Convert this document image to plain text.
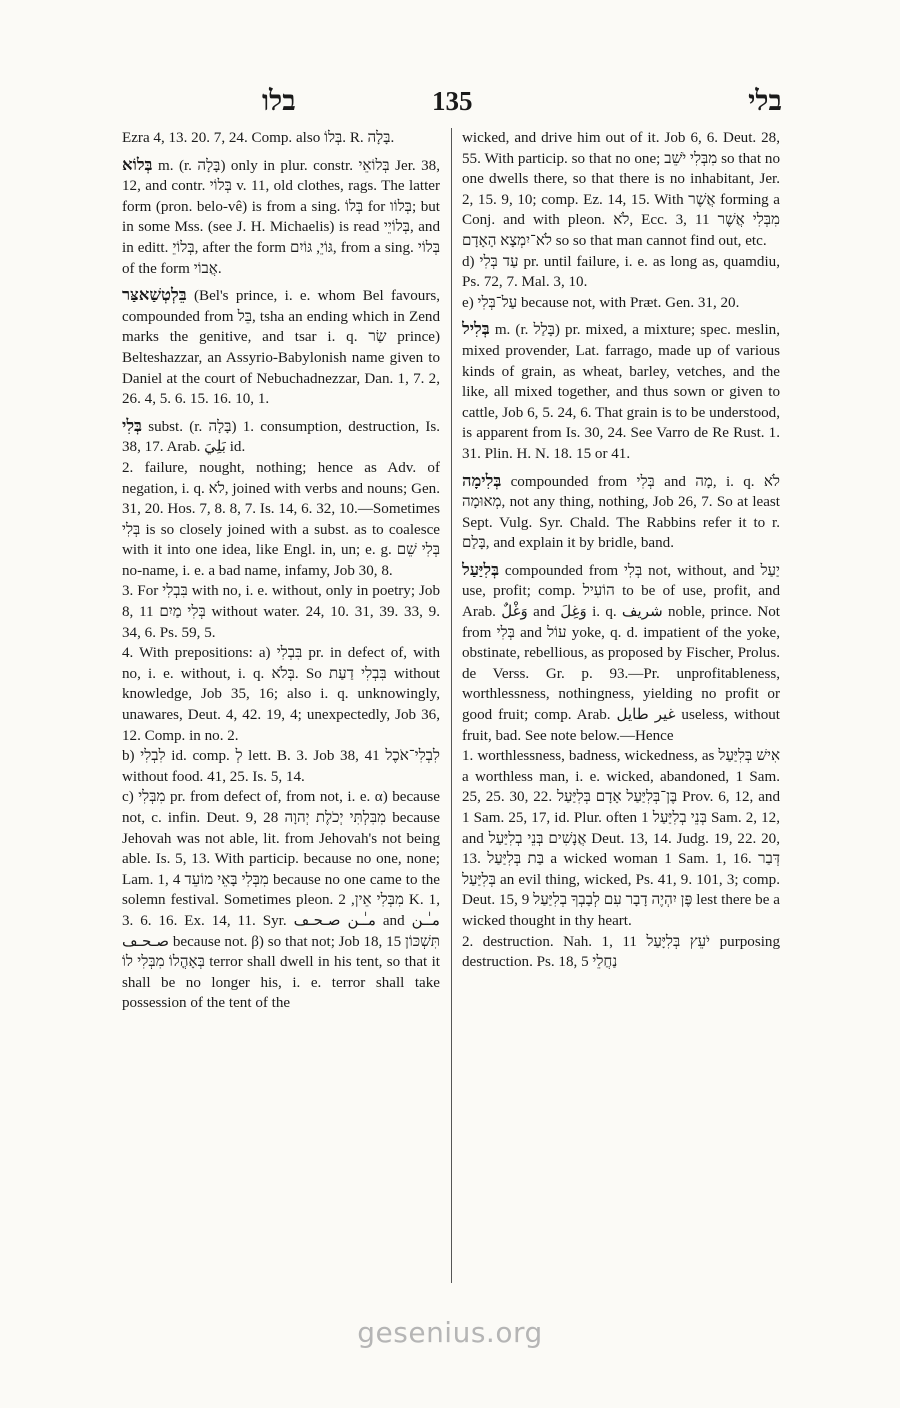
בלו	135	בלי

Ezra 4, 13. 20. 7, 24. Comp. also בְּלוֹ. R. בָּלָה.

בְּלוֹא m. (r. בָּלָה) only in plur. constr. בְּלוֹאֵי Jer. 38, 12, and contr. בְּלוֹי v. 11, old clothes, rags. The latter form (pron. belo-vê) is from a sing. בְּלוֹ for בְּלוֹו; but in some Mss. (see J. H. Michaelis) is read בְּלוֹיֵי, and in editt. בְּלוֹיֵ, after the form גּוֹיֵ, גּוֹיִם, from a sing. בְּלוֹי of the form אֲבוֹי.

בֵּלְטְשַׁאצַּר (Bel's prince, i. e. whom Bel favours, compounded from בֵּל, tsha an ending which in Zend marks the genitive, and tsar i. q. שַׂר prince) Belteshazzar, an Assyrio-Babylonish name given to Daniel at the court of Nebuchadnezzar, Dan. 1, 7. 2, 26. 4, 5. 6. 15. 16. 10, 1.

בְּלִי subst. (r. בָּלָה) 1. consumption, destruction, Is. 38, 17. Arab. بَلِيَ id.

2. failure, nought, nothing; hence as Adv. of negation, i. q. לֹא, joined with verbs and nouns; Gen. 31, 20. Hos. 7, 8. 8, 7. Is. 14, 6. 32, 10.—Sometimes בְּלִי is so closely joined with a subst. as to coalesce with it into one idea, like Engl. in, un; e. g. בְּלִי שֵׁם no-name, i. e. a bad name, infamy, Job 30, 8.

3. For בִּבְלִי with no, i. e. without, only in poetry; Job 8, 11 בְּלִי מַיִם without water. 24, 10. 31, 39. 33, 9. 34, 6. Ps. 59, 5.

4. With prepositions: a) בִּבְלִי pr. in defect of, with no, i. e. without, i. q. בְּלֹא. So בִּבְלִי דַעַת without knowledge, Job 35, 16; also i. q. unknowingly, unawares, Deut. 4, 42. 19, 4; unexpectedly, Job 36, 12. Comp. in no. 2.

b) לִבְלִי id. comp. לְ lett. B. 3. Job 38, 41 לִבְלִי־אֹכֶל without food. 41, 25. Is. 5, 14.

c) מִבְּלִי pr. from defect of, from not, i. e. α) because not, c. infin. Deut. 9, 28 מִבִּלְתִּי יְכֹלֶת יְהוָה because Jehovah was not able, lit. from Jehovah's not being able. Is. 5, 13. With particip. because no one, none; Lam. 1, 4 מִבְּלִי בָּאֵי מוֹעֵד because no one came to the solemn festival. Sometimes pleon. מִבְּלִי אֵין, 2 K. 1, 3. 6. 16. Ex. 14, 11. Syr. مـٰـن صـحـڡ and مـٰـن صـحـڡ because not. β) so that not; Job 18, 15 תִּשְׁכּוֹן בְּאָהֳלוֹ מִבְּלִי לוֹ terror shall dwell in his tent, so that it shall be no longer his, i. e. terror shall take possession of the tent of the

wicked, and drive him out of it. Job 6, 6. Deut. 28, 55. With particip. so that no one; מִבְּלִי יֹשֵׁב so that no one dwells there, so that there is no inhabitant, Jer. 2, 15. 9, 10; comp. Ez. 14, 15. With אֲשֶׁר forming a Conj. and with pleon. לֹא, Ecc. 3, 11 מִבְּלִי אֲשֶׁר לֹא־יִמְצָא הָאָדָם so so that man cannot find out, etc.

d) עַד בְּלִי pr. until failure, i. e. as long as, quamdiu, Ps. 72, 7. Mal. 3, 10.

e) עַל־בְּלִי because not, with Præt. Gen. 31, 20.

בְּלִיל m. (r. בָּלַל) pr. mixed, a mixture; spec. meslin, mixed provender, Lat. farrago, made up of various kinds of grain, as wheat, barley, vetches, and the like, all mixed together, and thus sown or given to cattle, Job 6, 5. 24, 6. That grain is to be understood, is apparent from Is. 30, 24. See Varro de Re Rust. 1. 31. Plin. H. N. 18. 15 or 41.

בְּלִימָה compounded from בְּלִי and מָה, i. q. לֹא מְאוּמָה, not any thing, nothing, Job 26, 7. So at least Sept. Vulg. Syr. Chald. The Rabbins refer it to r. בָּלַם, and explain it by bridle, band.

בְּלִיַּעַל compounded from בְּלִי not, without, and יַעַל use, profit; comp. הוֹעִיל to be of use, profit, and Arab. وَغْلٌ and وَغِلَ i. q. شريف noble, prince. Not from בְּלִי and עוֹל yoke, q. d. impatient of the yoke, obstinate, rebellious, as proposed by Fischer, Prolus. de Verss. Gr. p. 93.—Pr. unprofitableness, worthlessness, nothingness, yielding no profit or good fruit; comp. Arab. غير طايل useless, without fruit, bad. See note below.—Hence

1. worthlessness, badness, wickedness, as אִישׁ בְּלִיַּעַל a worthless man, i. e. wicked, abandoned, 1 Sam. 25, 25. 30, 22. בֶּן־בְּלִיַּעַל אָדָם בְּלִיַּעַל Prov. 6, 12, and 1 Sam. 25, 17, id. Plur. often בְּנֵי בְלִיַּעַל 1 Sam. 2, 12, and אֲנָשִׁים בְּנֵי בְלִיַּעַל Deut. 13, 14. Judg. 19, 22. 20, 13. בַּת בְּלִיַּעַל a wicked woman 1 Sam. 1, 16. דְּבַר בְּלִיַּעַל an evil thing, wicked, Ps. 41, 9. 101, 3; comp. Deut. 15, 9 פֶּן יִהְיֶה דָבָר עִם לְבָבְךָ בְלִיַּעַל lest there be a wicked thought in thy heart.

2. destruction. Nah. 1, 11 יֹעֵץ בְּלִיָּעַל purposing destruction. Ps. 18, 5 נַחֲלֵי

gesenius.org
